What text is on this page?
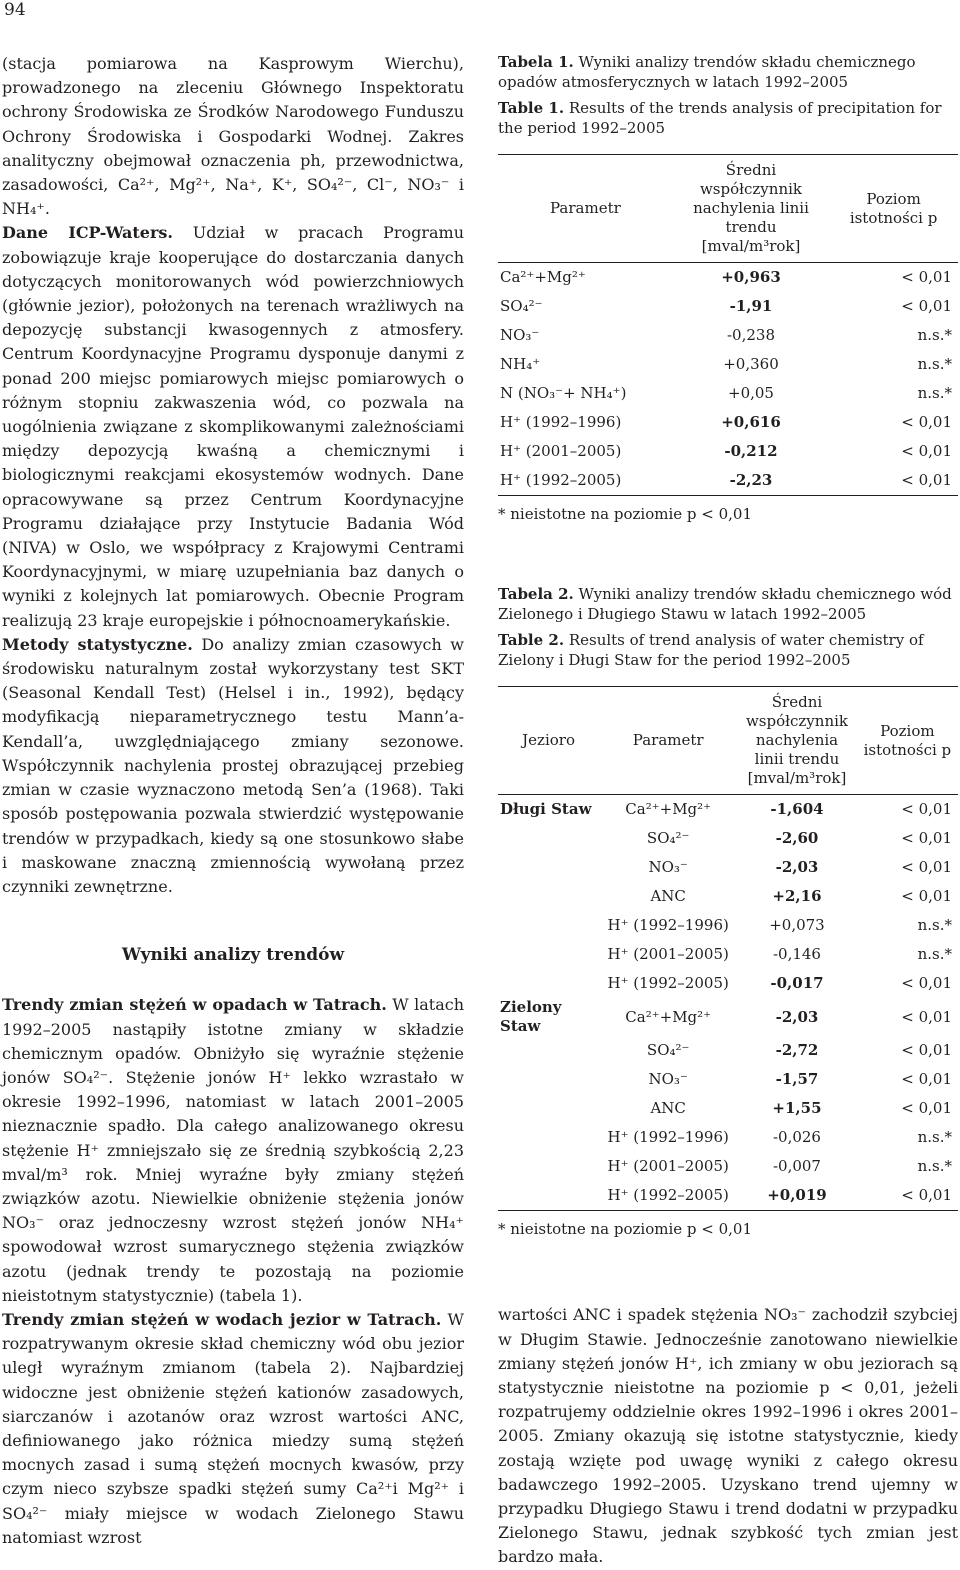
94

(stacja pomiarowa na Kasprowym Wierchu), prowadzonego na zleceniu Głównego Inspektoratu ochrony Środowiska ze Środków Narodowego Funduszu Ochrony Środowiska i Gospodarki Wodnej. Zakres analityczny obejmował oznaczenia ph, przewodnictwa, zasadowości, Ca²⁺, Mg²⁺, Na⁺, K⁺, SO₄²⁻, Cl⁻, NO₃⁻ i NH₄⁺.

Dane ICP-Waters. Udział w pracach Programu zobowiązuje kraje kooperujące do dostarczania danych dotyczących monitorowanych wód powierzchniowych (głównie jezior), położonych na terenach wrażliwych na depozycję substancji kwasogennych z atmosfery. Centrum Koordynacyjne Programu dysponuje danymi z ponad 200 miejsc pomiarowych miejsc pomiarowych o różnym stopniu zakwaszenia wód, co pozwala na uogólnienia związane z skomplikowanymi zależnościami między depozycją kwaśną a chemicznymi i biologicznymi reakcjami ekosystemów wodnych. Dane opracowywane są przez Centrum Koordynacyjne Programu działające przy Instytucie Badania Wód (NIVA) w Oslo, we współpracy z Krajowymi Centrami Koordynacyjnymi, w miarę uzupełniania baz danych o wyniki z kolejnych lat pomiarowych. Obecnie Program realizują 23 kraje europejskie i północnoamerykańskie.

Metody statystyczne. Do analizy zmian czasowych w środowisku naturalnym został wykorzystany test SKT (Seasonal Kendall Test) (Helsel i in., 1992), będący modyfikacją nieparametrycznego testu Mann’a-Kendall’a, uwzględniającego zmiany sezonowe. Współczynnik nachylenia prostej obrazującej przebieg zmian w czasie wyznaczono metodą Sen’a (1968). Taki sposób postępowania pozwala stwierdzić występowanie trendów w przypadkach, kiedy są one stosunkowo słabe i maskowane znaczną zmiennością wywołaną przez czynniki zewnętrzne.

Wyniki analizy trendów

Trendy zmian stężeń w opadach w Tatrach. W latach 1992–2005 nastąpiły istotne zmiany w składzie chemicznym opadów. Obniżyło się wyraźnie stężenie jonów SO₄²⁻. Stężenie jonów H⁺ lekko wzrastało w okresie 1992–1996, natomiast w latach 2001–2005 nieznacznie spadło. Dla całego analizowanego okresu stężenie H⁺ zmniejszało się ze średnią szybkością 2,23 mval/m³ rok. Mniej wyraźne były zmiany stężeń związków azotu. Niewielkie obniżenie stężenia jonów NO₃⁻ oraz jednoczesny wzrost stężeń jonów NH₄⁺ spowodował wzrost sumarycznego stężenia związków azotu (jednak trendy te pozostają na poziomie nieistotnym statystycznie) (tabela 1).

Trendy zmian stężeń w wodach jezior w Tatrach. W rozpatrywanym okresie skład chemiczny wód obu jezior uległ wyraźnym zmianom (tabela 2). Najbardziej widoczne jest obniżenie stężeń kationów zasadowych, siarczanów i azotanów oraz wzrost wartości ANC, definiowanego jako różnica miedzy sumą stężeń mocnych zasad i sumą stężeń mocnych kwasów, przy czym nieco szybsze spadki stężeń sumy Ca²⁺i Mg²⁺ i SO₄²⁻ miały miejsce w wodach Zielonego Stawu natomiast wzrost

Tabela 1. Wyniki analizy trendów składu chemicznego opadów atmosferycznych w latach 1992–2005

Table 1. Results of the trends analysis of precipitation for the period 1992–2005

Parametr	Średni współczynnik nachylenia linii trendu [mval/m³rok]	Poziom istotności p
Ca²⁺+Mg²⁺	+0,963	< 0,01
SO₄²⁻	-1,91	< 0,01
NO₃⁻	-0,238	n.s.*
NH₄⁺	+0,360	n.s.*
N (NO₃⁻+ NH₄⁺)	+0,05	n.s.*
H⁺ (1992–1996)	+0,616	< 0,01
H⁺ (2001–2005)	-0,212	< 0,01
H⁺ (1992–2005)	-2,23	< 0,01
* nieistotne na poziomie p < 0,01

Tabela 2. Wyniki analizy trendów składu chemicznego wód Zielonego i Długiego Stawu w latach 1992–2005

Table 2. Results of trend analysis of water chemistry of Zielony i Długi Staw for the period 1992–2005

Jezioro	Parametr	Średni współczynnik nachylenia linii trendu [mval/m³rok]	Poziom istotności p
Długi Staw	Ca²⁺+Mg²⁺	-1,604	< 0,01
	SO₄²⁻	-2,60	< 0,01
	NO₃⁻	-2,03	< 0,01
	ANC	+2,16	< 0,01
	H⁺ (1992–1996)	+0,073	n.s.*
	H⁺ (2001–2005)	-0,146	n.s.*
	H⁺ (1992–2005)	-0,017	< 0,01
Zielony Staw	Ca²⁺+Mg²⁺	-2,03	< 0,01
	SO₄²⁻	-2,72	< 0,01
	NO₃⁻	-1,57	< 0,01
	ANC	+1,55	< 0,01
	H⁺ (1992–1996)	-0,026	n.s.*
	H⁺ (2001–2005)	-0,007	n.s.*
	H⁺ (1992–2005)	+0,019	< 0,01
* nieistotne na poziomie p < 0,01

wartości ANC i spadek stężenia NO₃⁻ zachodził szybciej w Długim Stawie. Jednocześnie zanotowano niewielkie zmiany stężeń jonów H⁺, ich zmiany w obu jeziorach są statystycznie nieistotne na poziomie p < 0,01, jeżeli rozpatrujemy oddzielnie okres 1992–1996 i okres 2001–2005. Zmiany okazują się istotne statystycznie, kiedy zostają wzięte pod uwagę wyniki z całego okresu badawczego 1992–2005. Uzyskano trend ujemny w przypadku Długiego Stawu i trend dodatni w przypadku Zielonego Stawu, jednak szybkość tych zmian jest bardzo mała.
